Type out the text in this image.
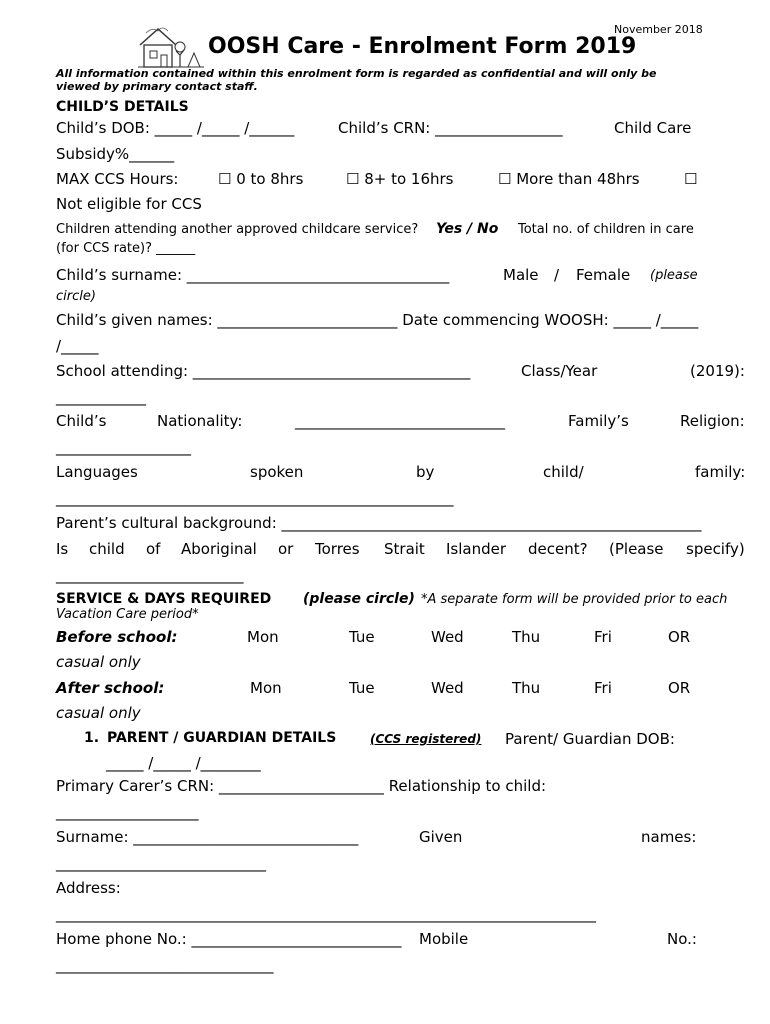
November 2018
OOSH Care - Enrolment Form 2019
All information contained within this enrolment form is regarded as confidential and will only be
viewed by primary contact staff.
CHILD’S DETAILS
Child’s DOB: _____ /_____ /______	Child’s CRN: _________________	Child Care
Subsidy%______
MAX CCS Hours:	☐ 0 to 8hrs	☐ 8+ to 16hrs	☐ More than 48hrs	☐
Not eligible for CCS
Children attending another approved childcare service? Yes / No Total no. of children in care
(for CCS rate)? ______
Child’s surname: ___________________________________	Male / Female (please
circle)
Child’s given names: ________________________ Date commencing WOOSH: _____ /_____
/_____
School attending: _____________________________________	Class/Year	(2019):
____________
Child’s	Nationality:	____________________________	Family’s	Religion:
__________________
Languages	spoken	by	child/	family:
_____________________________________________________
Parent’s cultural background: ________________________________________________________
Is child of Aboriginal or Torres Strait Islander decent? (Please specify)
_________________________
SERVICE & DAYS REQUIRED (please circle) *A separate form will be provided prior to each
Vacation Care period*
Before school:	Mon	Tue	Wed	Thu	Fri	OR
casual only
After school:	Mon	Tue	Wed	Thu	Fri	OR
casual only
1. PARENT / GUARDIAN DETAILS	(CCS registered) Parent/ Guardian DOB:
_____ /_____ /________
Primary Carer’s CRN: ______________________ Relationship to child:
___________________
Surname: ______________________________	Given	names:
____________________________
Address:
________________________________________________________________________
Home phone No.: ____________________________ Mobile	No.:
_____________________________
